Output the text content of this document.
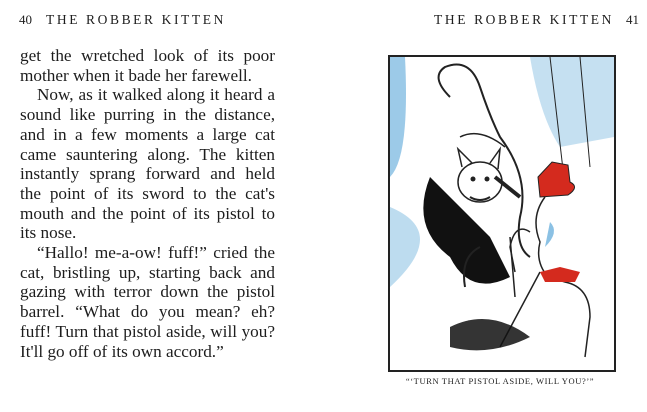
40 THE ROBBER KITTEN	THE ROBBER KITTEN 41

get the wretched look of its poor mother when it bade her farewell.

Now, as it walked along it heard a sound like purring in the distance, and in a few moments a large cat came sauntering along. The kitten instantly sprang forward and held the point of its sword to the cat's mouth and the point of its pistol to its nose.

“Hallo! me-a-ow! fuff!” cried the cat, bristling up, starting back and gazing with terror down the pistol barrel. “What do you mean? eh? fuff! Turn that pistol aside, will you? It'll go off of its own accord.”

“‘TURN THAT PISTOL ASIDE, WILL YOU?’”
